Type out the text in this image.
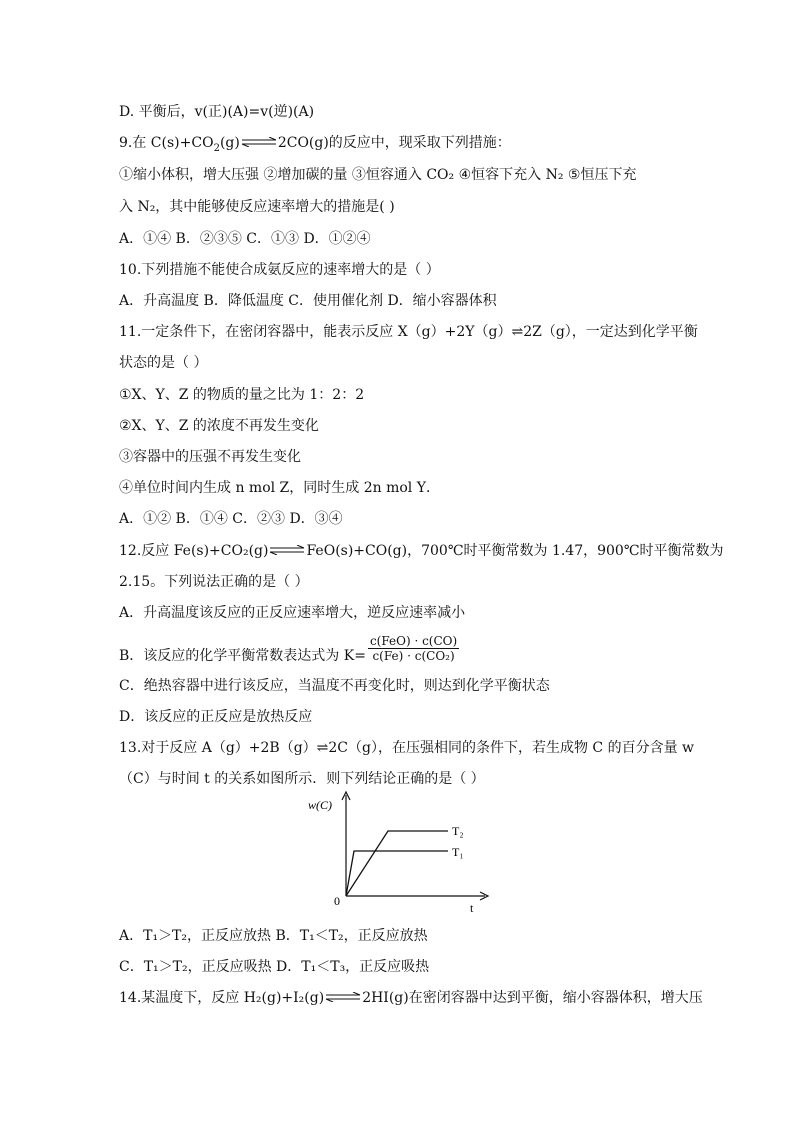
D. 平衡后，v(正)(A)=v(逆)(A)
9.在 $C(s)+CO_2(g)\rightleftharpoons 2CO(g)$的反应中，现采取下列措施：
①缩小体积，增大压强 ②增加碳的量 ③恒容通入 CO₂ ④恒容下充入 N₂ ⑤恒压下充
入 N₂，其中能够使反应速率增大的措施是( )
A．①④ B．②③⑤ C．①③ D．①②④
10.下列措施不能使合成氨反应的速率增大的是（ ）
A．升高温度 B．降低温度 C．使用催化剂 D．缩小容器体积
11.一定条件下，在密闭容器中，能表示反应 X（g）+2Y（g）⇌2Z（g），一定达到化学平衡
状态的是（ ）
①X、Y、Z 的物质的量之比为 1：2：2
②X、Y、Z 的浓度不再发生变化
③容器中的压强不再发生变化
④单位时间内生成 n mol Z，同时生成 2n mol Y．
A．①② B．①④ C．②③ D．③④
12.反应 Fe(s)+CO₂(g)⇌FeO(s)+CO(g)，700℃时平衡常数为 1.47，900℃时平衡常数为
2.15。下列说法正确的是（ ）
A．升高温度该反应的正反应速率增大，逆反应速率减小
B．该反应的化学平衡常数表达式为 $K= \frac{\text{c(FeO) · c(CO)}}{\text{c(Fe) · c(CO₂)}}$
C．绝热容器中进行该反应，当温度不再变化时，则达到化学平衡状态
D．该反应的正反应是放热反应
13.对于反应 A（g）+2B（g）⇌2C（g），在压强相同的条件下，若生成物 C 的百分含量 w
（C）与时间 t 的关系如图所示．则下列结论正确的是（ ）
w(C)
t
0
T₂
T₁
A．T₁＞T₂，正反应放热 B．T₁＜T₂，正反应放热
C．T₁＞T₂，正反应吸热 D．T₁＜T₃，正反应吸热
14.某温度下，反应 H₂(g)+I₂(g)⇌2HI(g)在密闭容器中达到平衡，缩小容器体积，增大压
